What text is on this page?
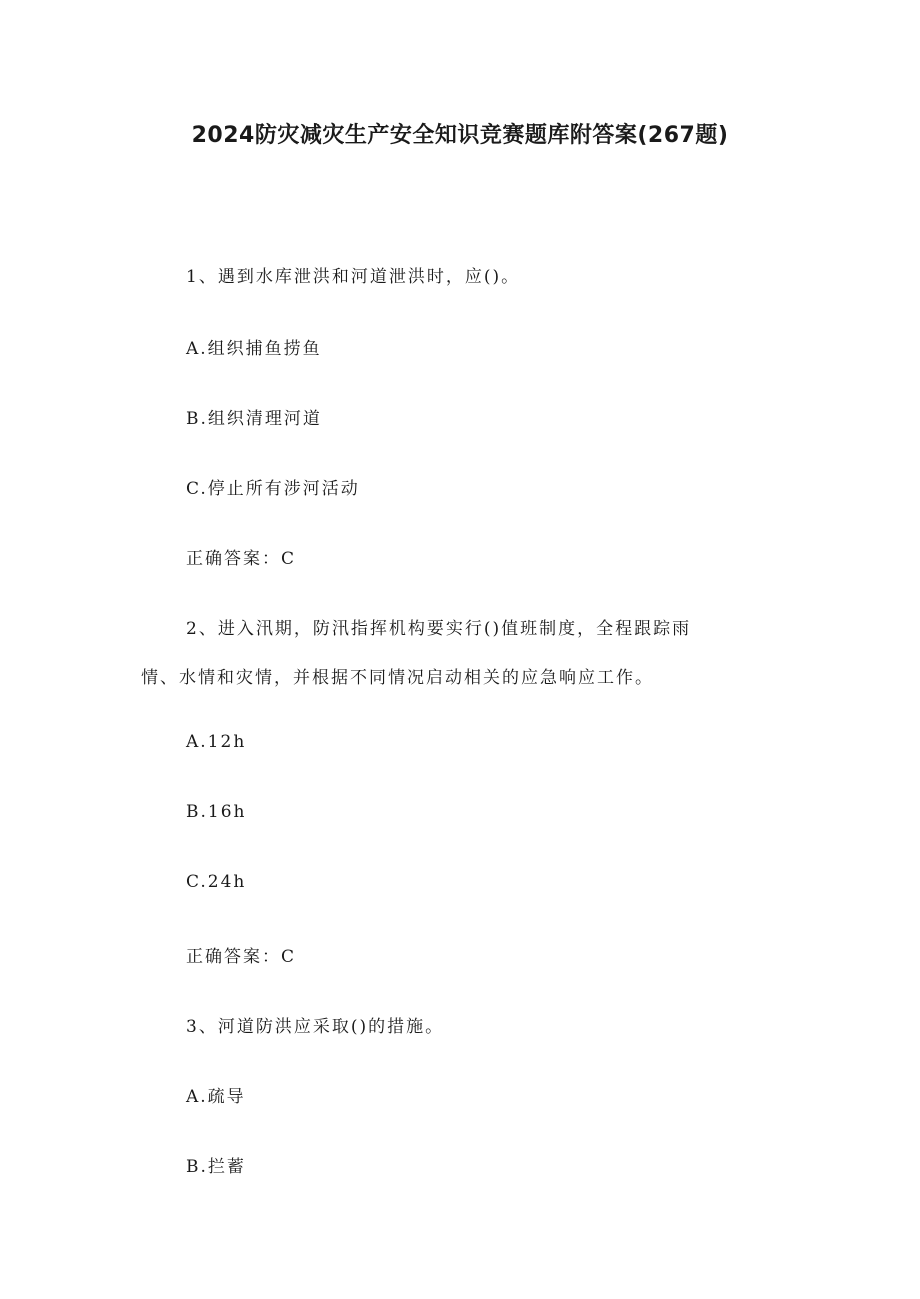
2024防灾减灾生产安全知识竞赛题库附答案(267题)

1、遇到水库泄洪和河道泄洪时，应()。

A.组织捕鱼捞鱼

B.组织清理河道

C.停止所有涉河活动

正确答案：C

2、进入汛期，防汛指挥机构要实行()值班制度，全程跟踪雨

情、水情和灾情，并根据不同情况启动相关的应急响应工作。

A.12h

B.16h

C.24h

正确答案：C

3、河道防洪应采取()的措施。

A.疏导

B.拦蓄
